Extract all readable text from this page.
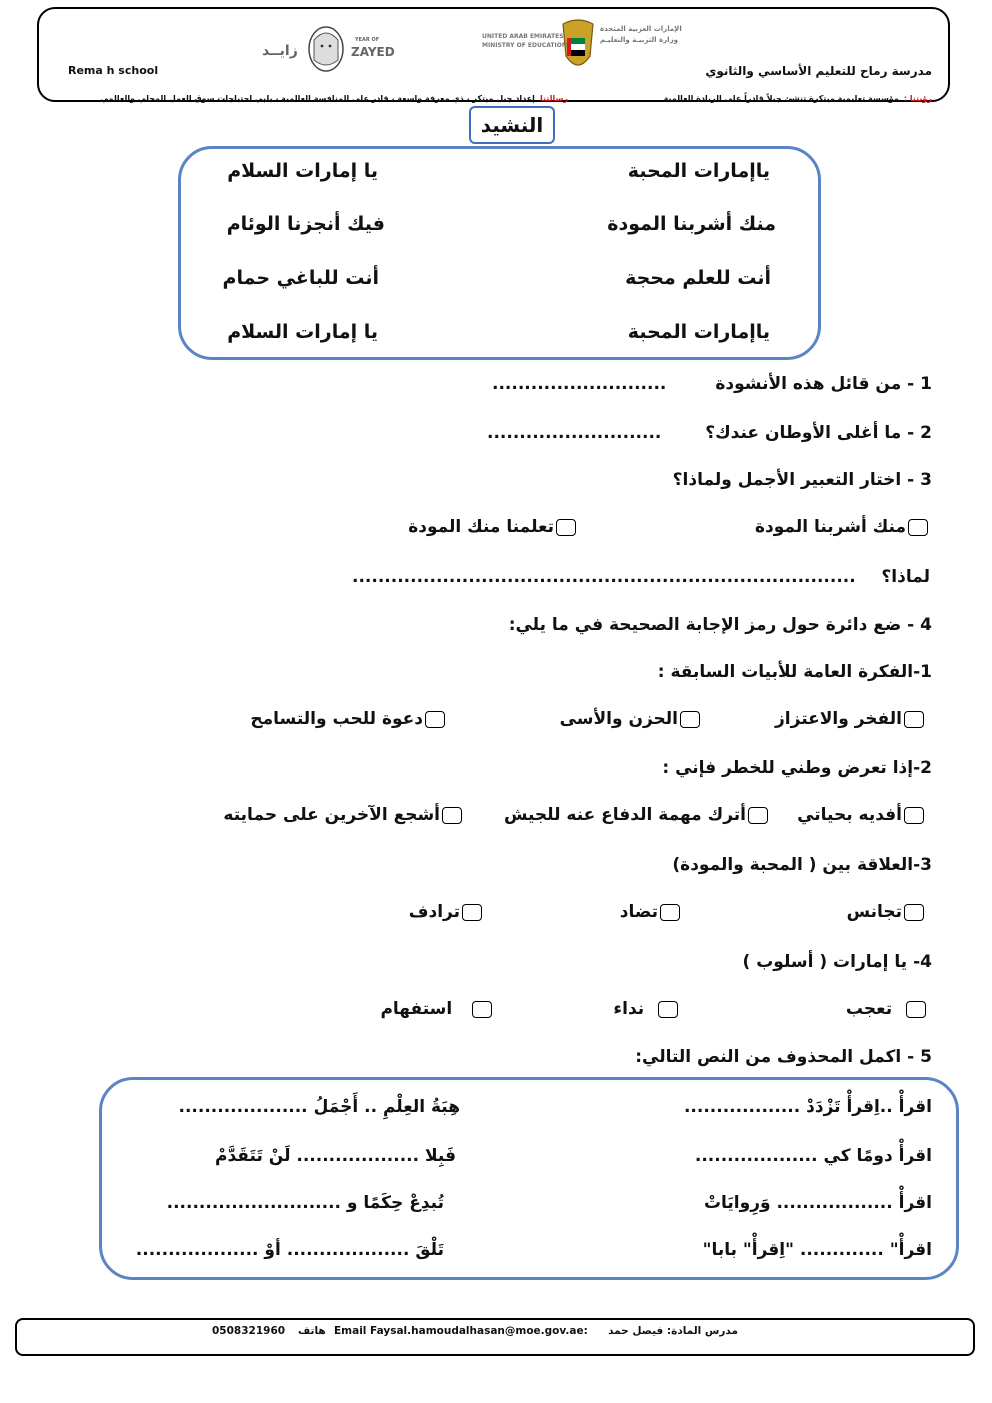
زايــد
YEAR OF
ZAYED
UNITED ARAB EMIRATES
MINISTRY OF EDUCATION
الإمارات العربية المتحدة
وزارة التربيـة والتعليـم
Rema h school	مدرسة رماح للتعليم الأساسي والثانوي
رؤيتنا : مؤسسة تعليمية مبتكرة تنشئ جيلاً قادراً على الريادة العالمية
رسالتنا إعداد جيل مبتكر ، ذي معرفة واسعة ، قادر على المنافسة العالمية ، يلبي احتياجات سوق العمل المحلي والعالمي
النشيد
ياإمارات المحبة
يا إمارات السلام
منك أشربنا المودة
فيك أنجزنا الوئام
أنت للعلم محجة
أنت للباغي حمام
ياإمارات المحبة
يا إمارات السلام
1 - من قائل هذه الأنشودة
...........................
2 - ما أغلى الأوطان عندك؟
...........................
3 - اختار التعبير الأجمل ولماذا؟
منك أشربنا المودة
تعلمنا منك المودة
لماذا؟
..............................................................................
4 - ضع دائرة حول رمز الإجابة الصحيحة في ما يلي:
1-الفكرة العامة للأبيات السابقة :
الفخر والاعتزاز
الحزن والأسى
دعوة للحب والتسامح
2-إذا تعرض وطني للخطر فإني :
أفديه بحياتي
أترك مهمة الدفاع عنه للجيش
أشجع الآخرين على حمايته
3-العلاقة بين ( المحبة والمودة)
تجانس
تضاد
ترادف
4- يا إمارات ( أسلوب )
تعجب
نداء
استفهام
5 - اكمل المحذوف من النص التالي:
اقرأْ ..اِقرأْ تَزْدَدْ ..................
هِبَةُ العِلْمِ .. أَجْمَلُ ....................
اقرأْ دومًا كي ...................
فَبِلا ................... لَنْ تَتَقَدَّمْ
اقرأْ .................. وَرِوايَاتْ
تُبدِعْ حِكَمًا و ...........................
اقرأْ" ............. "اِقرأْ" بابا"
تَلْقَ ................... أوْ ...................
مدرس المادة: فيصل حمد
Email Faysal.hamoudalhasan@moe.gov.ae:
هاتف
0508321960
